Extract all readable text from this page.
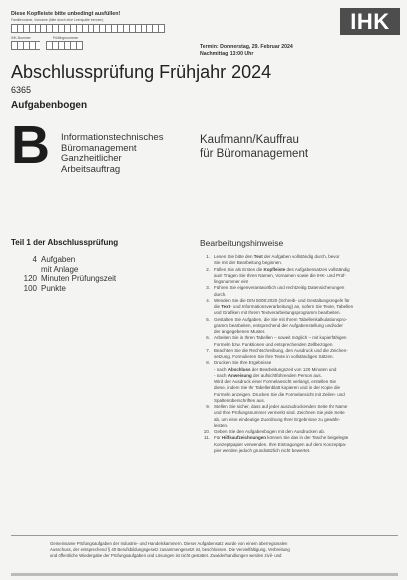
Diese Kopfleiste bitte unbedingt ausfüllen!
Familienname, Vorname (bitte durch eine Leerspalte trennen)
IHK-Nummer	Prüflingsnummer
IHK
Termin: Donnerstag, 29. Februar 2024
Nachmittag 13:00 Uhr
Abschlussprüfung Frühjahr 2024
6365
Aufgabenbogen
B Informationstechnisches
Büromanagement
Ganzheitlicher
Arbeitsauftrag
Kaufmann/Kauffrau
für Büromanagement
Teil 1 der Abschlussprüfung
4 Aufgaben
mit Anlage
120 Minuten Prüfungszeit
100 Punkte
Bearbeitungshinweise
1. Lesen Sie bitte den Text der Aufgaben vollständig durch, bevor
Sie mit der Bearbeitung beginnen.
2. Füllen Sie als Erstes die Kopfleiste des Aufgabensatzes vollständig
aus! Tragen Sie Ihren Namen, Vornamen sowie die IHK- und Prüf-
lingsnummer ein!
3. Führen Sie eigenverantwortlich und rechtzeitig Datensicherungen
durch.
4. Wenden Sie die DIN 5008:2020 (Schreib- und Gestaltungsregeln für
die Text- und Informationsverarbeitung) an, sofern Sie Texte, Tabellen
und Grafiken mit Ihrem Textverarbeitungsprogramm bearbeiten.
5. Gestalten Sie Aufgaben, die Sie mit Ihrem Tabellenkalkulationspro-
gramm bearbeiten, entsprechend der Aufgabenstellung und/oder
der angegebenen Muster.
6. Arbeiten Sie in Ihren Tabellen – soweit möglich – mit kopierfähigen
Formeln bzw. Funktionen und entsprechenden Zellbezügen.
7. Beachten Sie die Rechtschreibung, den Ausdruck und die Zeichen-
setzung. Formulieren Sie Ihre Texte in vollständigen Sätzen.
8. Drucken Sie Ihre Ergebnisse
- nach Abschluss der Bearbeitungszeit von 120 Minuten und
- nach Anweisung der aufsichtführenden Person aus.
Wird der Ausdruck einer Formelansicht verlangt, erstellen Sie
diese, indem Sie Ihr Tabellenblatt kopieren und in der Kopie die
Formeln anzeigen. Drucken Sie die Formelansicht mit Zeilen- und
Spaltenüberschriften aus.
9. Stellen Sie sicher, dass auf jeder auszudruckenden Seite Ihr Name
und Ihre Prüfungsnummer vermerkt sind. Zeichnen Sie jede Seite
ab, um eine eindeutige Zuordnung Ihrer Ergebnisse zu gewähr-
leisten.
10. Geben Sie den Aufgabenbogen mit den Ausdrucken ab.
11. Für Hilfsaufzeichnungen können Sie das in der Tasche beigelegte
Konzeptpapier verwenden. Ihre Eintragungen auf dem Konzeptpa-
pier werden jedoch grundsätzlich nicht bewertet.
Gemeinsame Prüfungsaufgaben der Industrie- und Handelskammern. Dieser Aufgabensatz wurde von einem überregionalen
Ausschuss, der entsprechend § 40 Berufsbildungsgesetz zusammengesetzt ist, beschlossen. Die Vervielfältigung, Verbreitung
und öffentliche Wiedergabe der Prüfungsaufgaben und Lösungen ist nicht gestattet. Zuwiderhandlungen werden zivil- und
